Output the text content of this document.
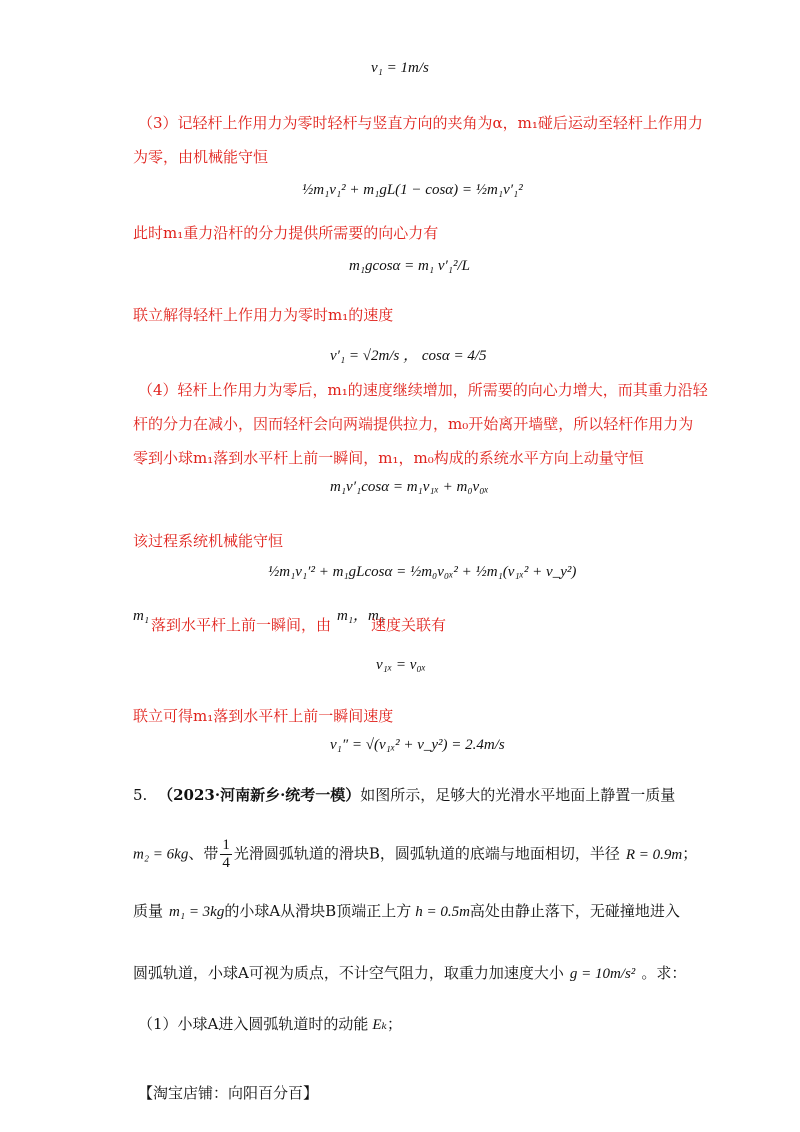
v₁ = 1m/s
（3）记轻杆上作用力为零时轻杆与竖直方向的夹角为α，m₁碰后运动至轻杆上作用力
为零，由机械能守恒
½m₁v₁² + m₁gL(1 − cosα) = ½m₁v′₁²
此时m₁重力沿杆的分力提供所需要的向心力有
m₁gcosα = m₁ v′₁²/L
联立解得轻杆上作用力为零时m₁的速度
v′₁ = √2m/s ， cosα = 4/5
（4）轻杆上作用力为零后，m₁的速度继续增加，所需要的向心力增大，而其重力沿轻
杆的分力在减小，因而轻杆会向两端提供拉力，m₀开始离开墙壁，所以轻杆作用力为
零到小球m₁落到水平杆上前一瞬间，m₁，m₀构成的系统水平方向上动量守恒
m₁v′₁cosα = m₁v₁ₓ + m₀v₀ₓ
该过程系统机械能守恒
½m₁v₁′² + m₁gLcosα = ½m₀v₀ₓ² + ½m₁(v₁ₓ² + v_y²)
m₁ 落到水平杆上前一瞬间，由 m₁，m₀
速度关联有
v₁ₓ = v₀ₓ
联立可得m₁落到水平杆上前一瞬间速度
v₁″ = √(v₁ₓ² + v_y²) = 2.4m/s
5. （2023·河南新乡·统考一模）如图所示，足够大的光滑水平地面上静置一质量
m₂ = 6kg、带 $\frac{1}{4}$ 光滑圆弧轨道的滑块B，圆弧轨道的底端与地面相切，半径 R = 0.9m；
质量 m₁ = 3kg的小球A从滑块B顶端正上方 h = 0.5m高处由静止落下，无碰撞地进入
圆弧轨道，小球A可视为质点，不计空气阻力，取重力加速度大小 g = 10m/s² 。求：
（1）小球A进入圆弧轨道时的动能 Eₖ；
【淘宝店铺：向阳百分百】
